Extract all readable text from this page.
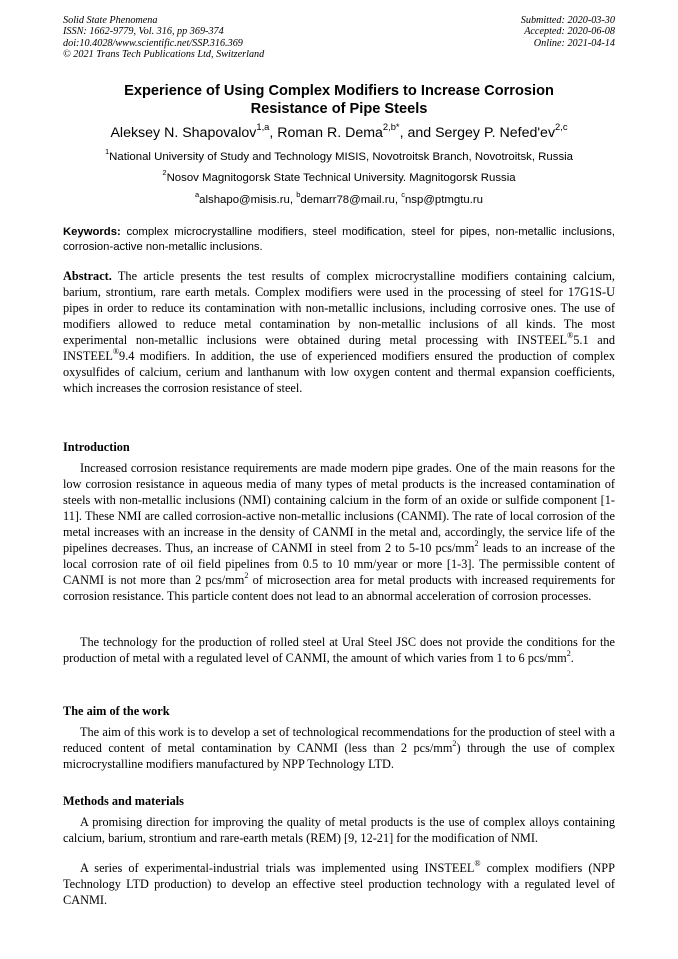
Solid State Phenomena
ISSN: 1662-9779, Vol. 316, pp 369-374
doi:10.4028/www.scientific.net/SSP.316.369
© 2021 Trans Tech Publications Ltd, Switzerland
Submitted: 2020-03-30
Accepted: 2020-06-08
Online: 2021-04-14
Experience of Using Complex Modifiers to Increase Corrosion
Resistance of Pipe Steels
Aleksey N. Shapovalov$^{1,a}$, Roman R. Dema$^{2,b*}$, and Sergey P. Nefed'ev$^{2,c}$
$^1$National University of Study and Technology MISIS, Novotroitsk Branch, Novotroitsk, Russia
$^2$Nosov Magnitogorsk State Technical University. Magnitogorsk Russia
$^a$alshapo@misis.ru, $^b$demarr78@mail.ru, $^c$nsp@ptmgtu.ru
Keywords: complex microcrystalline modifiers, steel modification, steel for pipes, non-metallic inclusions, corrosion-active non-metallic inclusions.
Abstract. The article presents the test results of complex microcrystalline modifiers containing calcium, barium, strontium, rare earth metals. Complex modifiers were used in the processing of steel for 17G1S-U pipes in order to reduce its contamination with non-metallic inclusions, including corrosive ones. The use of modifiers allowed to reduce metal contamination by non-metallic inclusions of all kinds. The most experimental non-metallic inclusions were obtained during metal processing with INSTEEL®5.1 and INSTEEL®9.4 modifiers. In addition, the use of experienced modifiers ensured the production of complex oxysulfides of calcium, cerium and lanthanum with low oxygen content and thermal expansion coefficients, which increases the corrosion resistance of steel.
Introduction
Increased corrosion resistance requirements are made modern pipe grades. One of the main reasons for the low corrosion resistance in aqueous media of many types of metal products is the increased contamination of steels with non-metallic inclusions (NMI) containing calcium in the form of an oxide or sulfide component [1-11]. These NMI are called corrosion-active non-metallic inclusions (CANMI). The rate of local corrosion of the metal increases with an increase in the density of CANMI in the metal and, accordingly, the service life of the pipelines decreases. Thus, an increase of CANMI in steel from 2 to 5-10 pcs/$mm^2$ leads to an increase of the local corrosion rate of oil field pipelines from 0.5 to 10 mm/year or more [1-3]. The permissible content of CANMI is not more than 2 pcs/$mm^2$ of microsection area for metal products with increased requirements for corrosion resistance. This particle content does not lead to an abnormal acceleration of corrosion processes.
The technology for the production of rolled steel at Ural Steel JSC does not provide the conditions for the production of metal with a regulated level of CANMI, the amount of which varies from 1 to 6 pcs/$mm^2$.
The aim of the work
The aim of this work is to develop a set of technological recommendations for the production of steel with a reduced content of metal contamination by CANMI (less than 2 pcs/$mm^2$) through the use of complex microcrystalline modifiers manufactured by NPP Technology LTD.
Methods and materials
A promising direction for improving the quality of metal products is the use of complex alloys containing calcium, barium, strontium and rare-earth metals (REM) [9, 12-21] for the modification of NMI.
A series of experimental-industrial trials was implemented using INSTEEL® complex modifiers (NPP Technology LTD production) to develop an effective steel production technology with a regulated level of CANMI.
